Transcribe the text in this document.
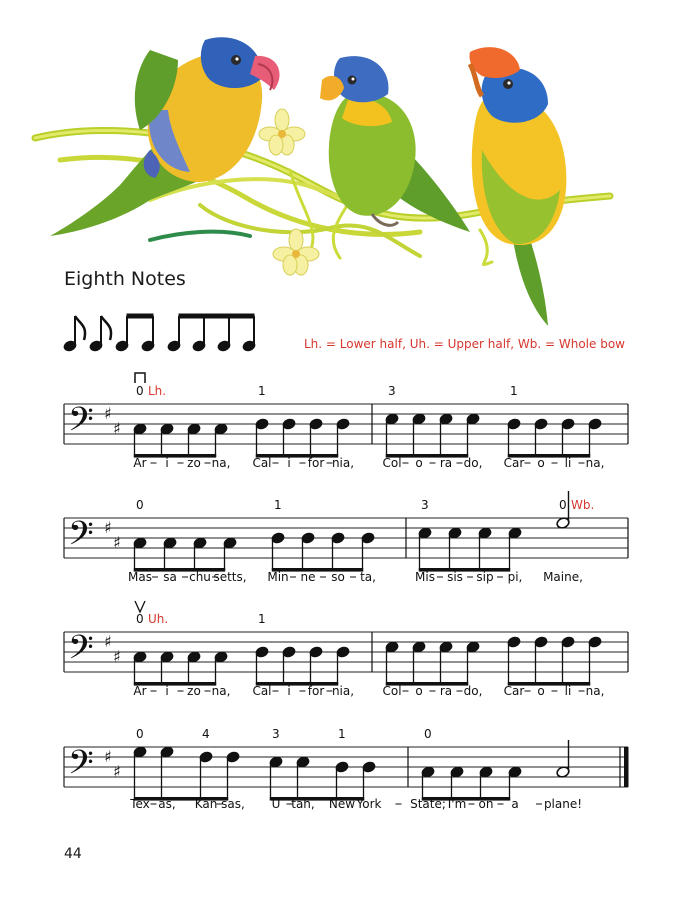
Eighth Notes
Lh. = Lower half, Uh. = Upper half, Wb. = Whole bow
𝄢 ♯
♯
Ar i zo na, Cal i for nia, Col o ra do, Car o li na,
0	1	3	1
Lh.
𝄢 ♯
♯
Mas sa chu setts, Min ne so ta,	Mis sis sip pi, Maine,
0	1	3	0 Wb.
𝄢 ♯
♯
Ar i zo na, Cal i for nia, Col o ra do, Car o li na,
0	1
Uh.
𝄢 ♯
♯
Tex as, Kan sas, U tah, New York State; I'm on a plane!
0	4	3	1	0
44
